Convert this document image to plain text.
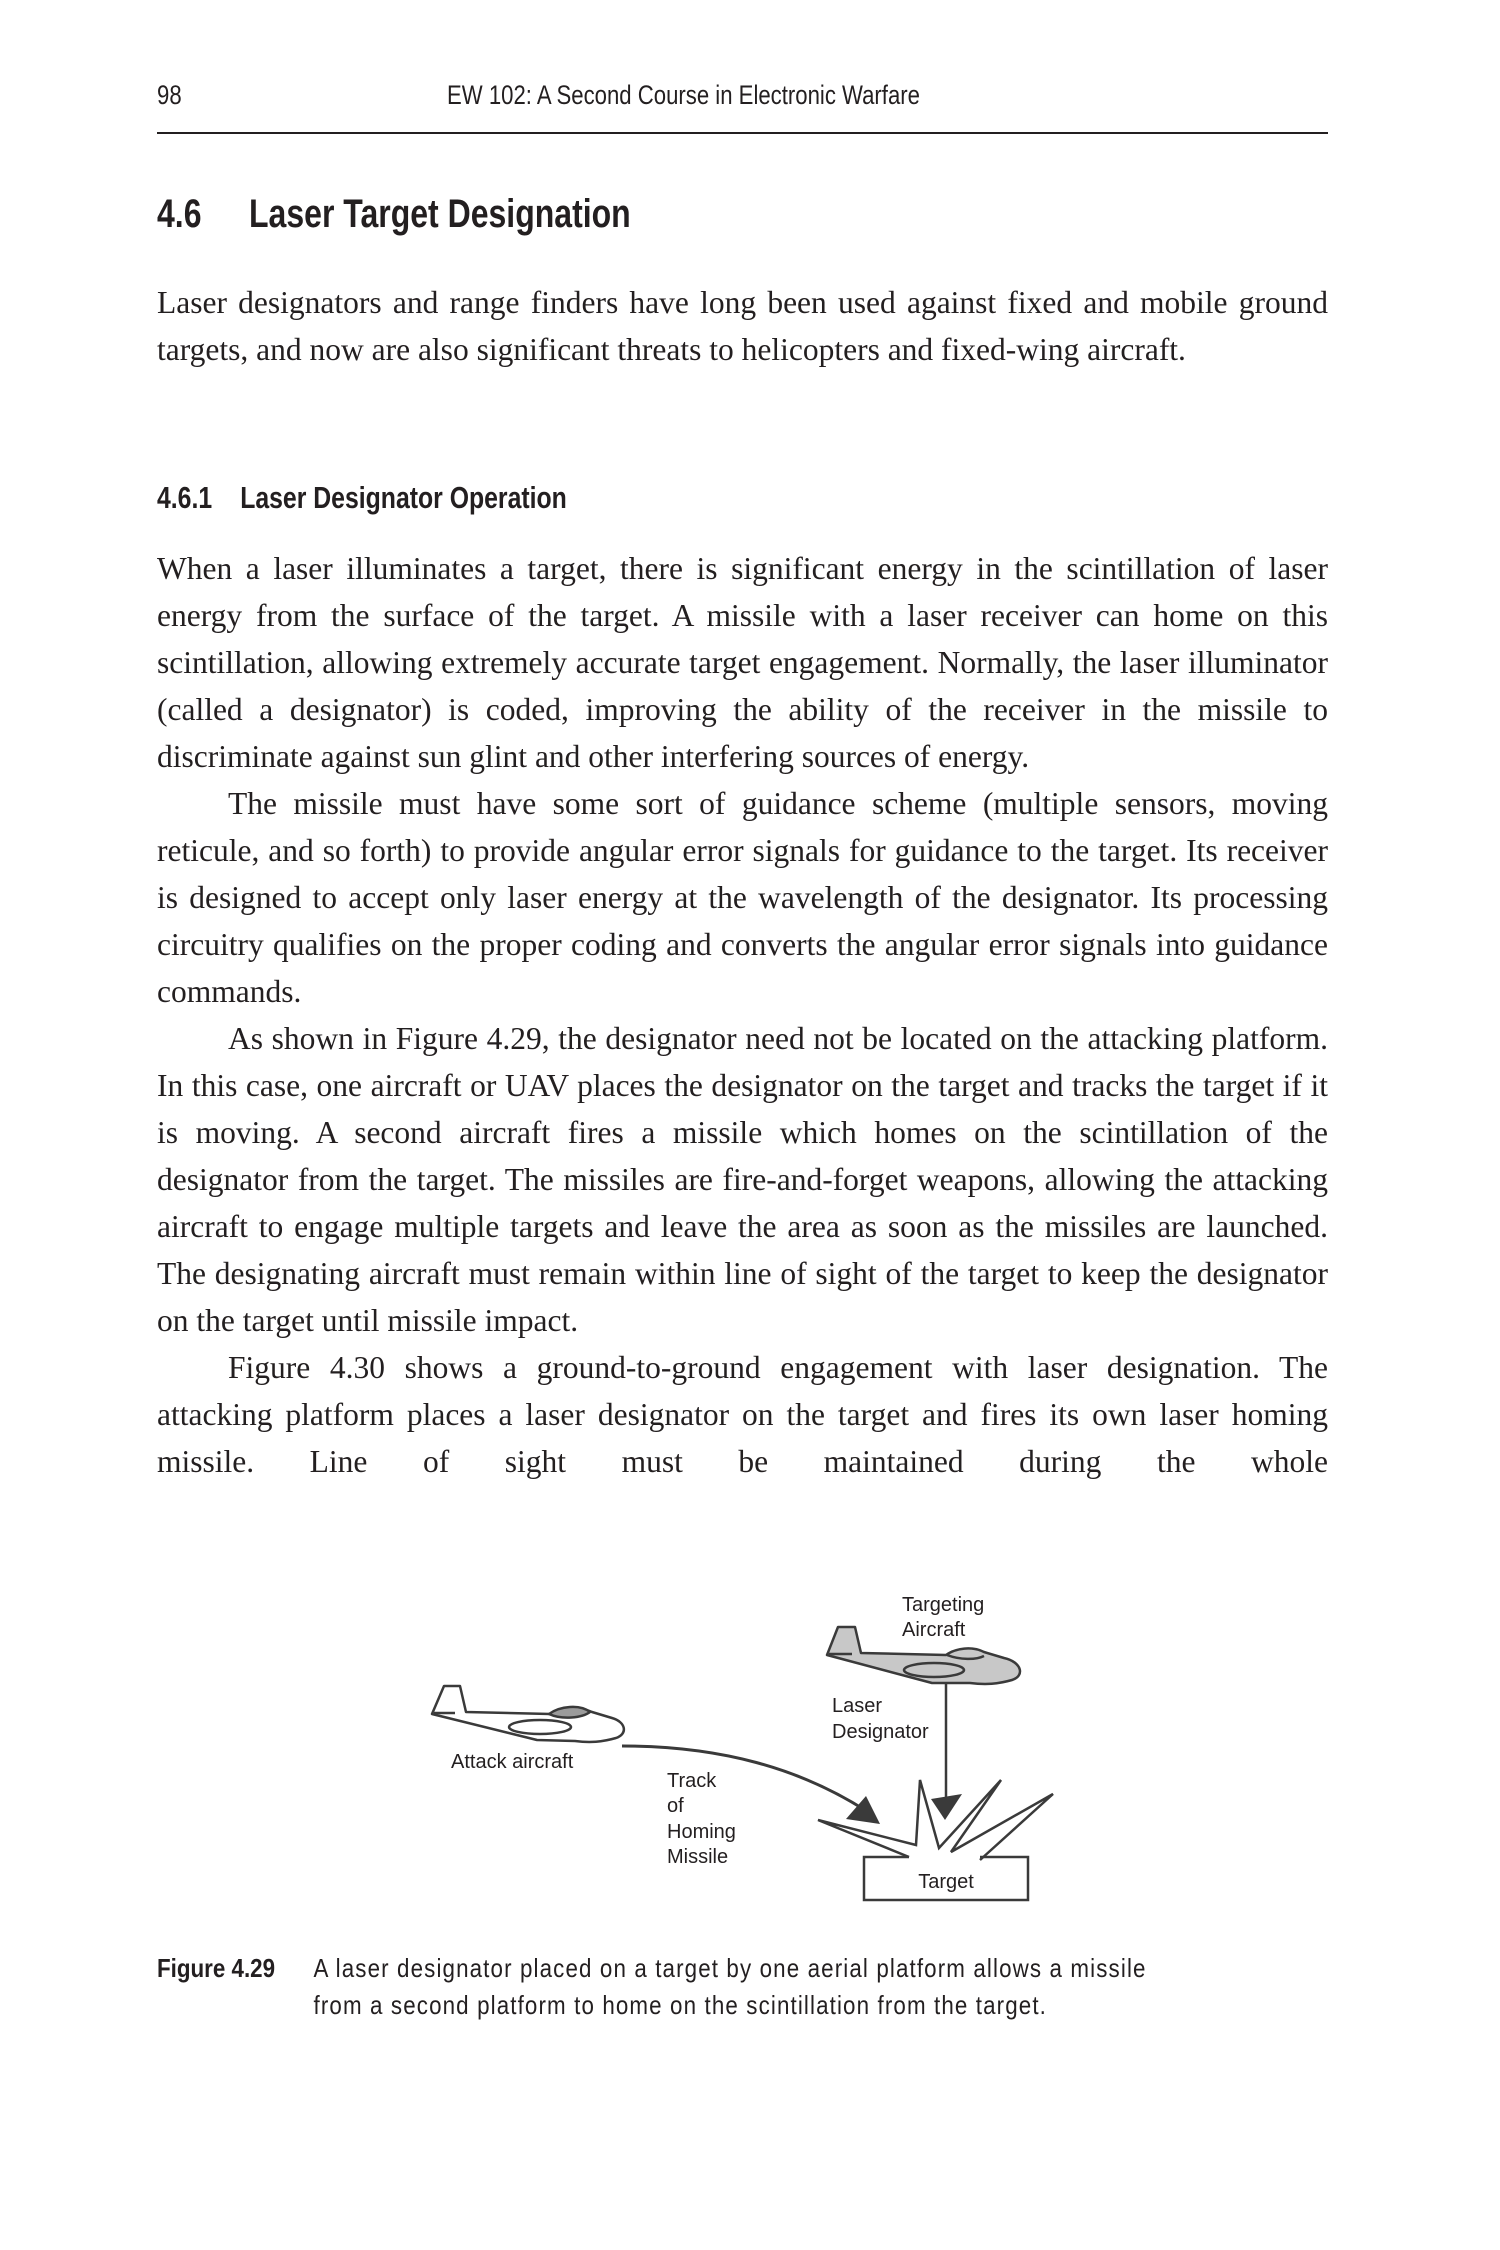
98	EW 102: A Second Course in Electronic Warfare
4.6 Laser Target Designation

Laser designators and range finders have long been used against fixed and mobile ground targets, and now are also significant threats to helicopters and fixed-wing aircraft.

4.6.1 Laser Designator Operation

When a laser illuminates a target, there is significant energy in the scintillation of laser energy from the surface of the target. A missile with a laser receiver can home on this scintillation, allowing extremely accurate target engagement. Normally, the laser illuminator (called a designator) is coded, improving the ability of the receiver in the missile to discriminate against sun glint and other interfering sources of energy.

The missile must have some sort of guidance scheme (multiple sensors, moving reticule, and so forth) to provide angular error signals for guidance to the target. Its receiver is designed to accept only laser energy at the wavelength of the designator. Its processing circuitry qualifies on the proper coding and converts the angular error signals into guidance commands.

As shown in Figure 4.29, the designator need not be located on the attacking platform. In this case, one aircraft or UAV places the designator on the target and tracks the target if it is moving. A second aircraft fires a missile which homes on the scintillation of the designator from the target. The missiles are fire-and-forget weapons, allowing the attacking aircraft to engage multiple targets and leave the area as soon as the missiles are launched. The designating aircraft must remain within line of sight of the target to keep the designator on the target until missile impact.

Figure 4.30 shows a ground-to-ground engagement with laser designation. The attacking platform places a laser designator on the target and fires its own laser homing missile. Line of sight must be maintained during the whole

Targeting
Aircraft
Attack aircraft
Laser
Designator
Track
of
Homing
Missile
Target
Figure 4.29 A laser designator placed on a target by one aerial platform allows a missile
from a second platform to home on the scintillation from the target.
